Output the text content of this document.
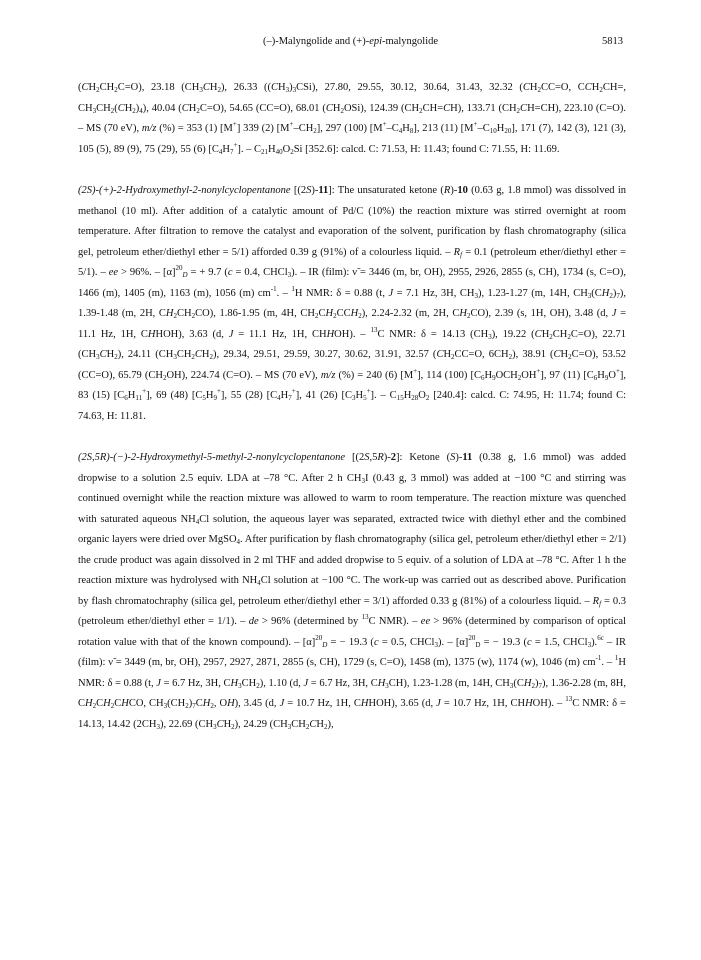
(–)-Malyngolide and (+)-epi-malyngolide	5813

$(CH_2CH_2C=O)$, 23.18 $(CH_3CH_2)$, 26.33 $((CH_3)_3CSi)$, 27.80, 29.55, 30.12, 30.64, 31.43, 32.32 ($CH_2CC=O$, $CCH_2CH=$, $CH_3CH_2(CH_2)_4$), 40.04 $(CH_2C=O)$, 54.65 (CC=O), 68.01 $(CH_2OSi)$, 124.39 $(CH_2CH=CH)$, 133.71 $(CH_2CH=CH)$, 223.10 (C=O). – MS (70 eV), m/z (%) = 353 (1) [M+] 339 (2) $[M^+-CH_2]$, 297 (100) $[M^+-C_4H_8]$, 213 (11) $[M^+-C_{10}H_{20}]$, 171 (7), 142 (3), 121 (3), 105 (5), 89 (9), 75 (29), 55 (6) $[C_4H_7^+]$. – $C_{21}H_{40}O_2Si$ [352.6]: calcd. C: 71.53, H: 11.43; found C: 71.55, H: 11.69.

(2S)-(+)-2-Hydroxymethyl-2-nonylcyclopentanone [(2S)-11]: The unsaturated ketone (R)-10 (0.63 g, 1.8 mmol) was dissolved in methanol (10 ml). After addition of a catalytic amount of Pd/C (10%) the reaction mixture was stirred overnight at room temperature. After filtration to remove the catalyst and evaporation of the solvent, purification by flash chromatography (silica gel, petroleum ether/diethyl ether = 5/1) afforded 0.39 g (91%) of a colourless liquid. – $R_f = 0.1$ (petroleum ether/diethyl ether = 5/1). – ee > 96%. – $[\alpha]^{20}_D$ = + 9.7 (c = 0.4, CHCl$_3$). – IR (film): ν̃ = 3446 (m, br, OH), 2955, 2926, 2855 (s, CH), 1734 (s, C=O), 1466 (m), 1405 (m), 1163 (m), 1056 (m) $cm^{-1}$. – $^1$H NMR: δ = 0.88 (t, J = 7.1 Hz, 3H, $CH_3$), 1.23-1.27 (m, 14H, $CH_3(CH_2)_7$), 1.39-1.48 (m, 2H, $CH_2CH_2CO$), 1.86-1.95 (m, 4H, $CH_2CH_2CCH_2$), 2.24-2.32 (m, 2H, $CH_2CO$), 2.39 (s, 1H, OH), 3.48 (d, J = 11.1 Hz, 1H, CHHOH), 3.63 (d, J = 11.1 Hz, 1H, CHHOH). – $^{13}$C NMR: δ = 14.13 $(CH_3)$, 19.22 $(CH_2CH_2C=O)$, 22.71 $(CH_3CH_2)$, 24.11 $(CH_3CH_2CH_2)$, 29.34, 29.51, 29.59, 30.27, 30.62, 31.91, 32.57 ($CH_2CC=O$, $6CH_2$), 38.91 $(CH_2C=O)$, 53.52 (CC=O), 65.79 $(CH_2OH)$, 224.74 (C=O). – MS (70 eV), m/z (%) = 240 (6) [M+], 114 (100) $[C_6H_9OCH_2OH^+]$, 97 (11) $[C_6H_9O^+]$, 83 (15) $[C_6H_{11}^+]$, 69 (48) $[C_5H_9^+]$, 55 (28) $[C_4H_7^+]$, 41 (26) $[C_3H_5^+]$. – $C_{15}H_{28}O_2$ [240.4]: calcd. C: 74.95, H: 11.74; found C: 74.63, H: 11.81.

(2S,5R)-(−)-2-Hydroxymethyl-5-methyl-2-nonylcyclopentanone [(2S,5R)-2]: Ketone (S)-11 (0.38 g, 1.6 mmol) was added dropwise to a solution 2.5 equiv. LDA at –78 °C. After 2 h $CH_3I$ (0.43 g, 3 mmol) was added at −100 °C and stirring was continued overnight while the reaction mixture was allowed to warm to room temperature. The reaction mixture was quenched with saturated aqueous $NH_4Cl$ solution, the aqueous layer was separated, extracted twice with diethyl ether and the combined organic layers were dried over MgSO$_4$. After purification by flash chromatography (silica gel, petroleum ether/diethyl ether = 2/1) the crude product was again dissolved in 2 ml THF and added dropwise to 5 equiv. of a solution of LDA at –78 °C. After 1 h the reaction mixture was hydrolysed with $NH_4Cl$ solution at −100 °C. The work-up was carried out as described above. Purification by flash chromatochraphy (silica gel, petroleum ether/diethyl ether = 3/1) afforded 0.33 g (81%) of a colourless liquid. – $R_f = 0.3$ (petroleum ether/diethyl ether = 1/1). – de > 96% (determined by $^{13}$C NMR). – ee > 96% (determined by comparison of optical rotation value with that of the known compound). – $[\alpha]^{20}_D$ = − 19.3 (c = 0.5, CHCl$_3$). – $[\alpha]^{20}_D$ = − 19.3 (c = 1.5, CHCl$_3$).$^{6c}$ – IR (film): ν̃ = 3449 (m, br, OH), 2957, 2927, 2871, 2855 (s, CH), 1729 (s, C=O), 1458 (m), 1375 (w), 1174 (w), 1046 (m) $cm^{-1}$. – $^1$H NMR: δ = 0.88 (t, J = 6.7 Hz, 3H, $CH_3CH_2$), 1.10 (d, J = 6.7 Hz, 3H, $CH_3CH$), 1.23-1.28 (m, 14H, $CH_3(CH_2)_7$), 1.36-2.28 (m, 8H, $CH_2CH_2CHCO$, $CH_3(CH_2)_7CH_2$, OH), 3.45 (d, J = 10.7 Hz, 1H, CHHOH), 3.65 (d, J = 10.7 Hz, 1H, CHHOH). – $^{13}$C NMR: δ = 14.13, 14.42 $(2CH_3)$, 22.69 $(CH_3CH_2)$, 24.29 $(CH_3CH_2CH_2)$,
